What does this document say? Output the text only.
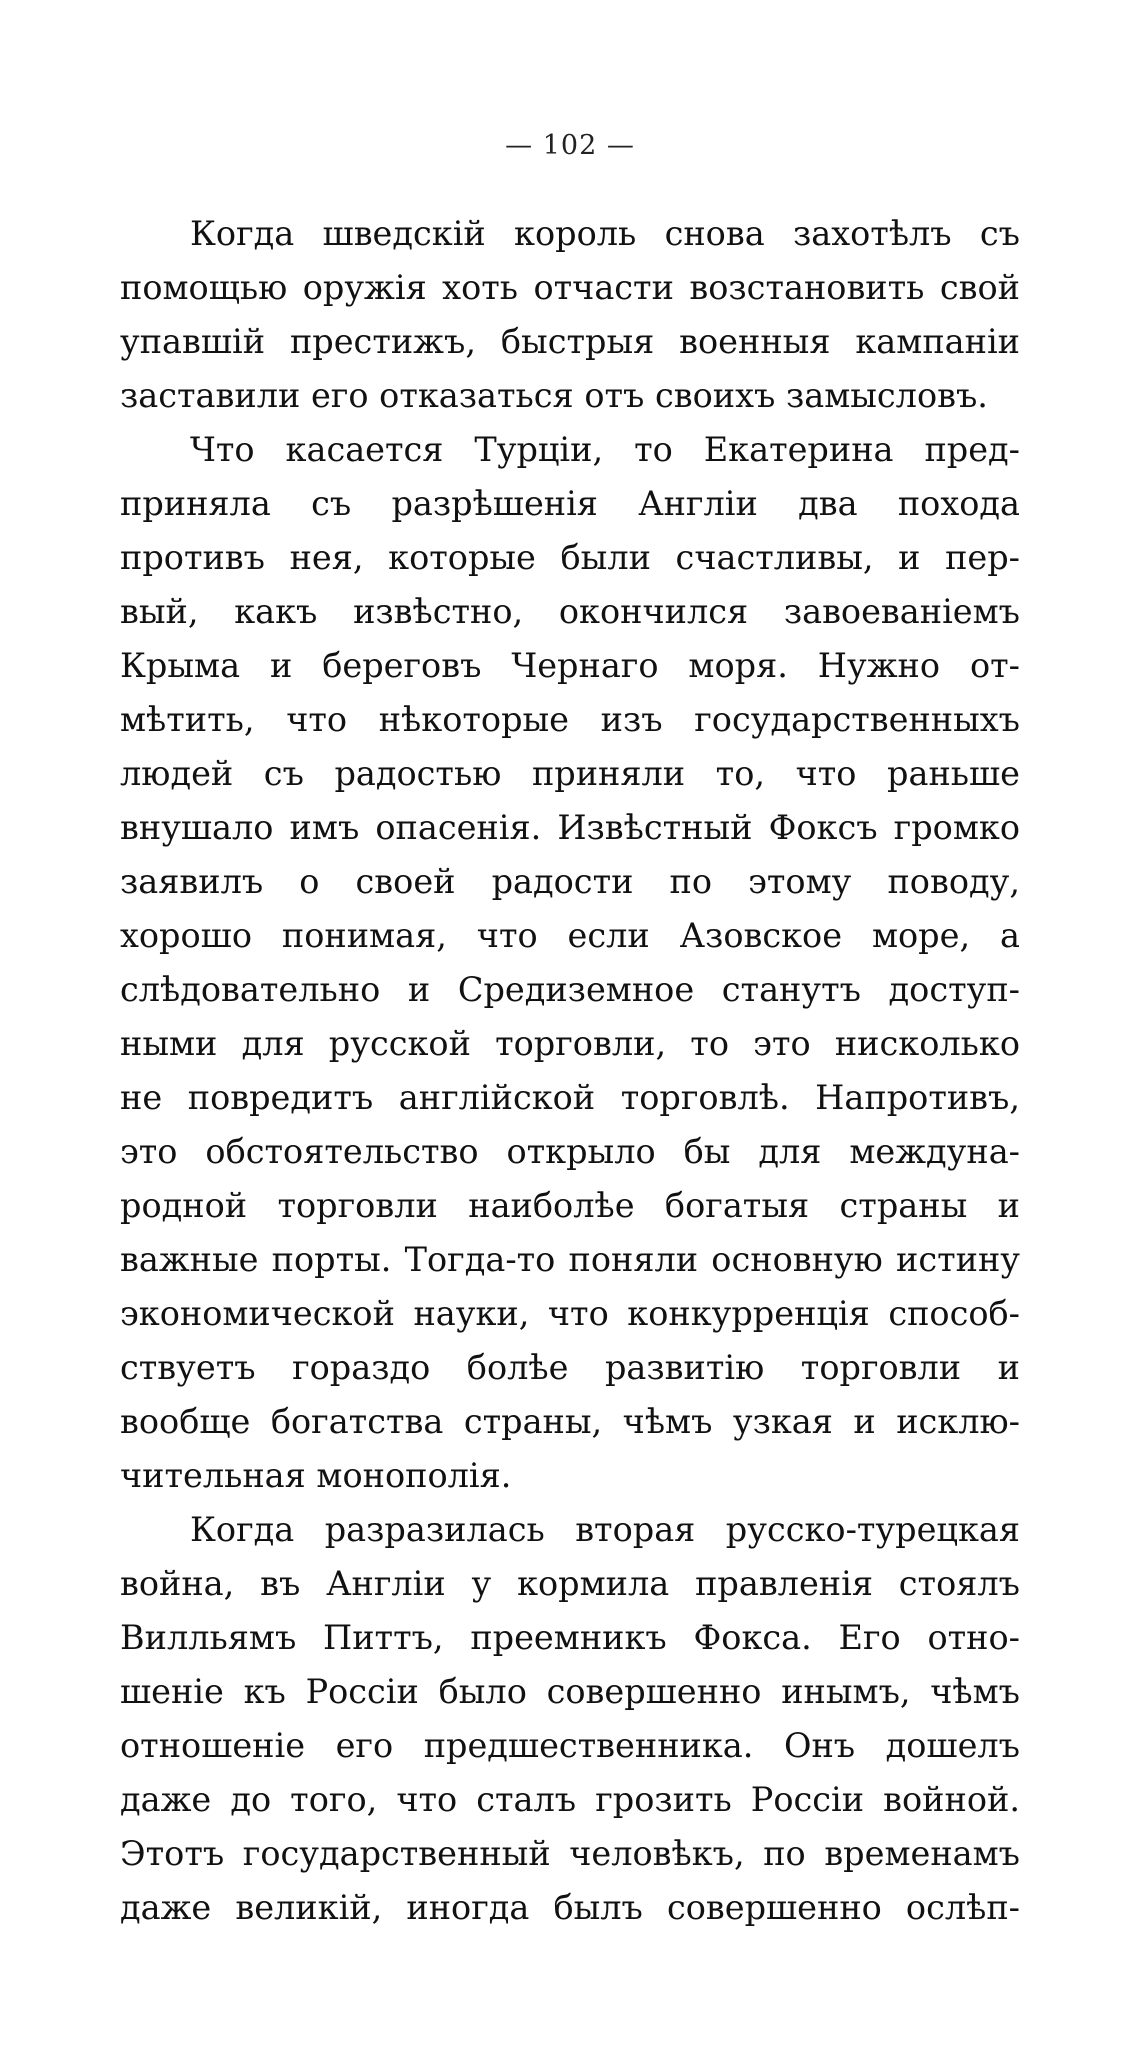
— 102 —
Когда шведскій король снова захотѣлъ съ
помощью оружія хоть отчасти возстановить свой
упавшій престижъ, быстрыя военныя кампаніи
заставили его отказаться отъ своихъ замысловъ.
Что касается Турціи, то Екатерина пред-
приняла съ разрѣшенія Англіи два похода
противъ нея, которые были счастливы, и пер-
вый, какъ извѣстно, окончился завоеваніемъ
Крыма и береговъ Чернаго моря. Нужно от-
мѣтить, что нѣкоторые изъ государственныхъ
людей съ радостью приняли то, что раньше
внушало имъ опасенія. Извѣстный Фоксъ громко
заявилъ о своей радости по этому поводу,
хорошо понимая, что если Азовское море, а
слѣдовательно и Средиземное станутъ доступ-
ными для русской торговли, то это нисколько
не повредитъ англійской торговлѣ. Напротивъ,
это обстоятельство открыло бы для междуна-
родной торговли наиболѣе богатыя страны и
важные порты. Тогда-то поняли основную истину
экономической науки, что конкурренція способ-
ствуетъ гораздо болѣе развитію торговли и
вообще богатства страны, чѣмъ узкая и исклю-
чительная монополія.
Когда разразилась вторая русско-турецкая
война, въ Англіи у кормила правленія стоялъ
Вилльямъ Питтъ, преемникъ Фокса. Его отно-
шеніе къ Россіи было совершенно инымъ, чѣмъ
отношеніе его предшественника. Онъ дошелъ
даже до того, что сталъ грозить Россіи войной.
Этотъ государственный человѣкъ, по временамъ
даже великій, иногда былъ совершенно ослѣп-
